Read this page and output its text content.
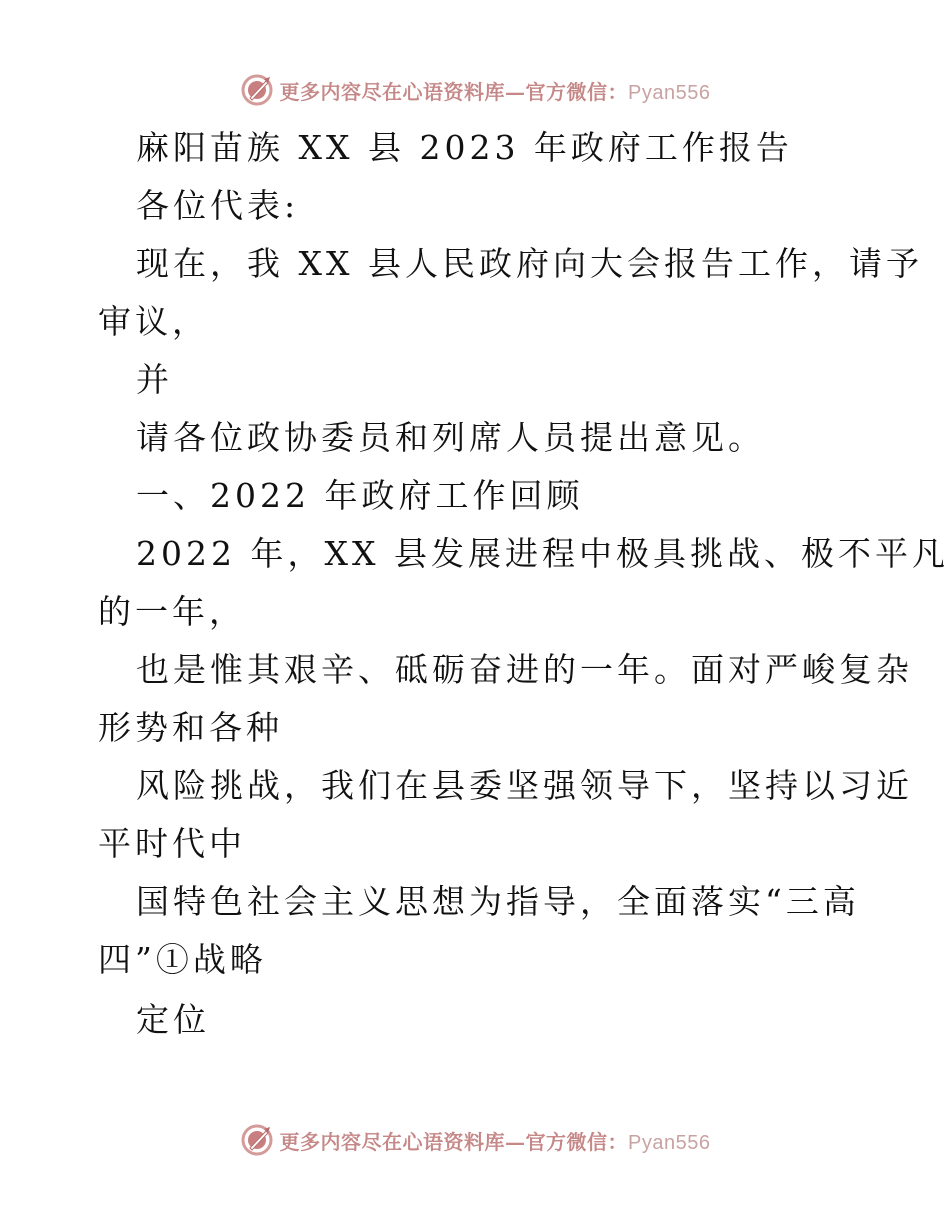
更多内容尽在心语资料库—官方微信：Pyan556
麻阳苗族 XX 县 2023 年政府工作报告
各位代表:
现在，我 XX 县人民政府向大会报告工作，请予
审议，
并
请各位政协委员和列席人员提出意见。
一、2022 年政府工作回顾
2022 年，XX 县发展进程中极具挑战、极不平凡
的一年，
也是惟其艰辛、砥砺奋进的一年。面对严峻复杂
形势和各种
风险挑战，我们在县委坚强领导下，坚持以习近
平时代中
国特色社会主义思想为指导，全面落实“三高
四”①战略
定位
更多内容尽在心语资料库—官方微信：Pyan556
